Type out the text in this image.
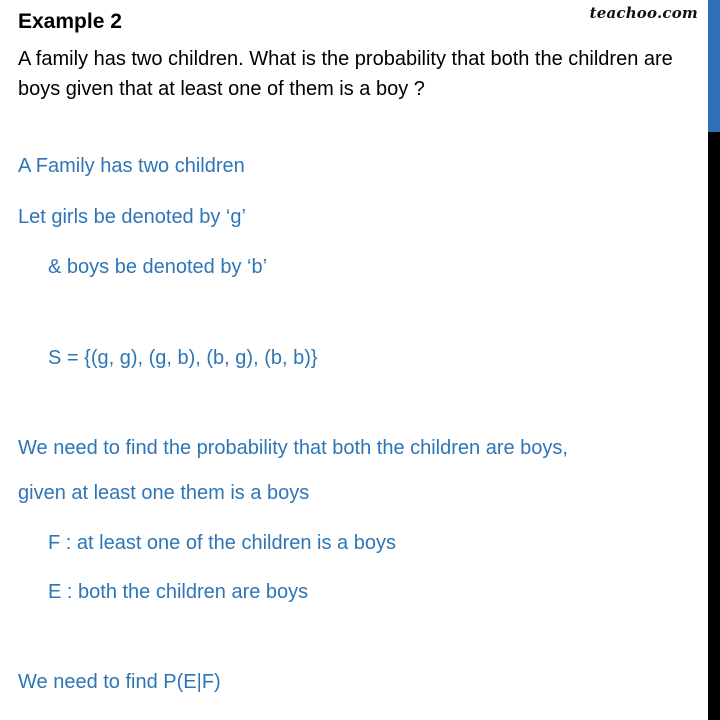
teachoo.com
Example 2
A family has two children. What is the probability that both the children are boys given that at least one of them is a boy ?
A Family has two children
Let girls be denoted by ‘g’
& boys be denoted by ‘b’
S = {(g, g), (g, b), (b, g), (b, b)}
We need to find the probability that both the children are boys,
given at least one them is a boys
F : at least one of the children is a boys
E : both the children are boys
We need to find P(E|F)
